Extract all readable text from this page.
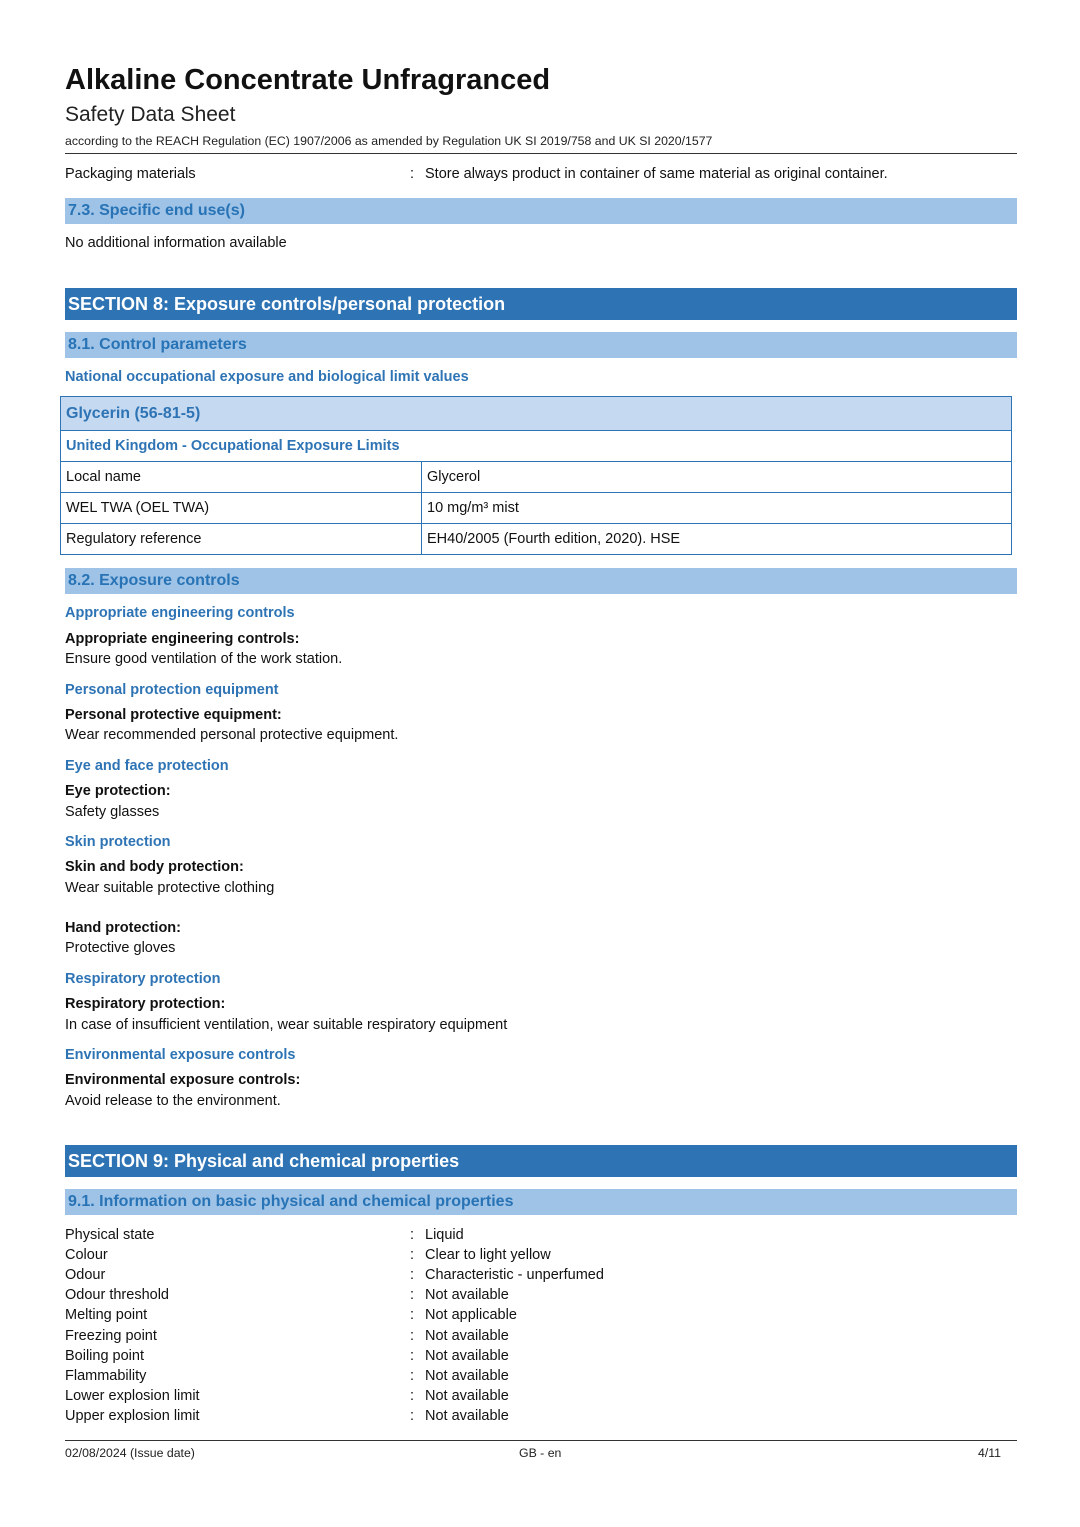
Alkaline Concentrate Unfragranced
Safety Data Sheet
according to the REACH Regulation (EC) 1907/2006 as amended by Regulation UK SI 2019/758 and UK SI 2020/1577
Packaging materials	: Store always product in container of same material as original container.
7.3. Specific end use(s)
No additional information available
SECTION 8: Exposure controls/personal protection
8.1. Control parameters
National occupational exposure and biological limit values
Glycerin (56-81-5)	
United Kingdom - Occupational Exposure Limits	
Local name	Glycerol
WEL TWA (OEL TWA)	10 mg/m³ mist
Regulatory reference	EH40/2005 (Fourth edition, 2020). HSE
8.2. Exposure controls
Appropriate engineering controls
Appropriate engineering controls:
Ensure good ventilation of the work station.
Personal protection equipment
Personal protective equipment:
Wear recommended personal protective equipment.
Eye and face protection
Eye protection:
Safety glasses
Skin protection
Skin and body protection:
Wear suitable protective clothing
Hand protection:
Protective gloves
Respiratory protection
Respiratory protection:
In case of insufficient ventilation, wear suitable respiratory equipment
Environmental exposure controls
Environmental exposure controls:
Avoid release to the environment.
SECTION 9: Physical and chemical properties
9.1. Information on basic physical and chemical properties
Physical state	: Liquid
Colour	: Clear to light yellow
Odour	: Characteristic - unperfumed
Odour threshold	: Not available
Melting point	: Not applicable
Freezing point	: Not available
Boiling point	: Not available
Flammability	: Not available
Lower explosion limit	: Not available
Upper explosion limit	: Not available
02/08/2024 (Issue date)	GB - en	4/11
